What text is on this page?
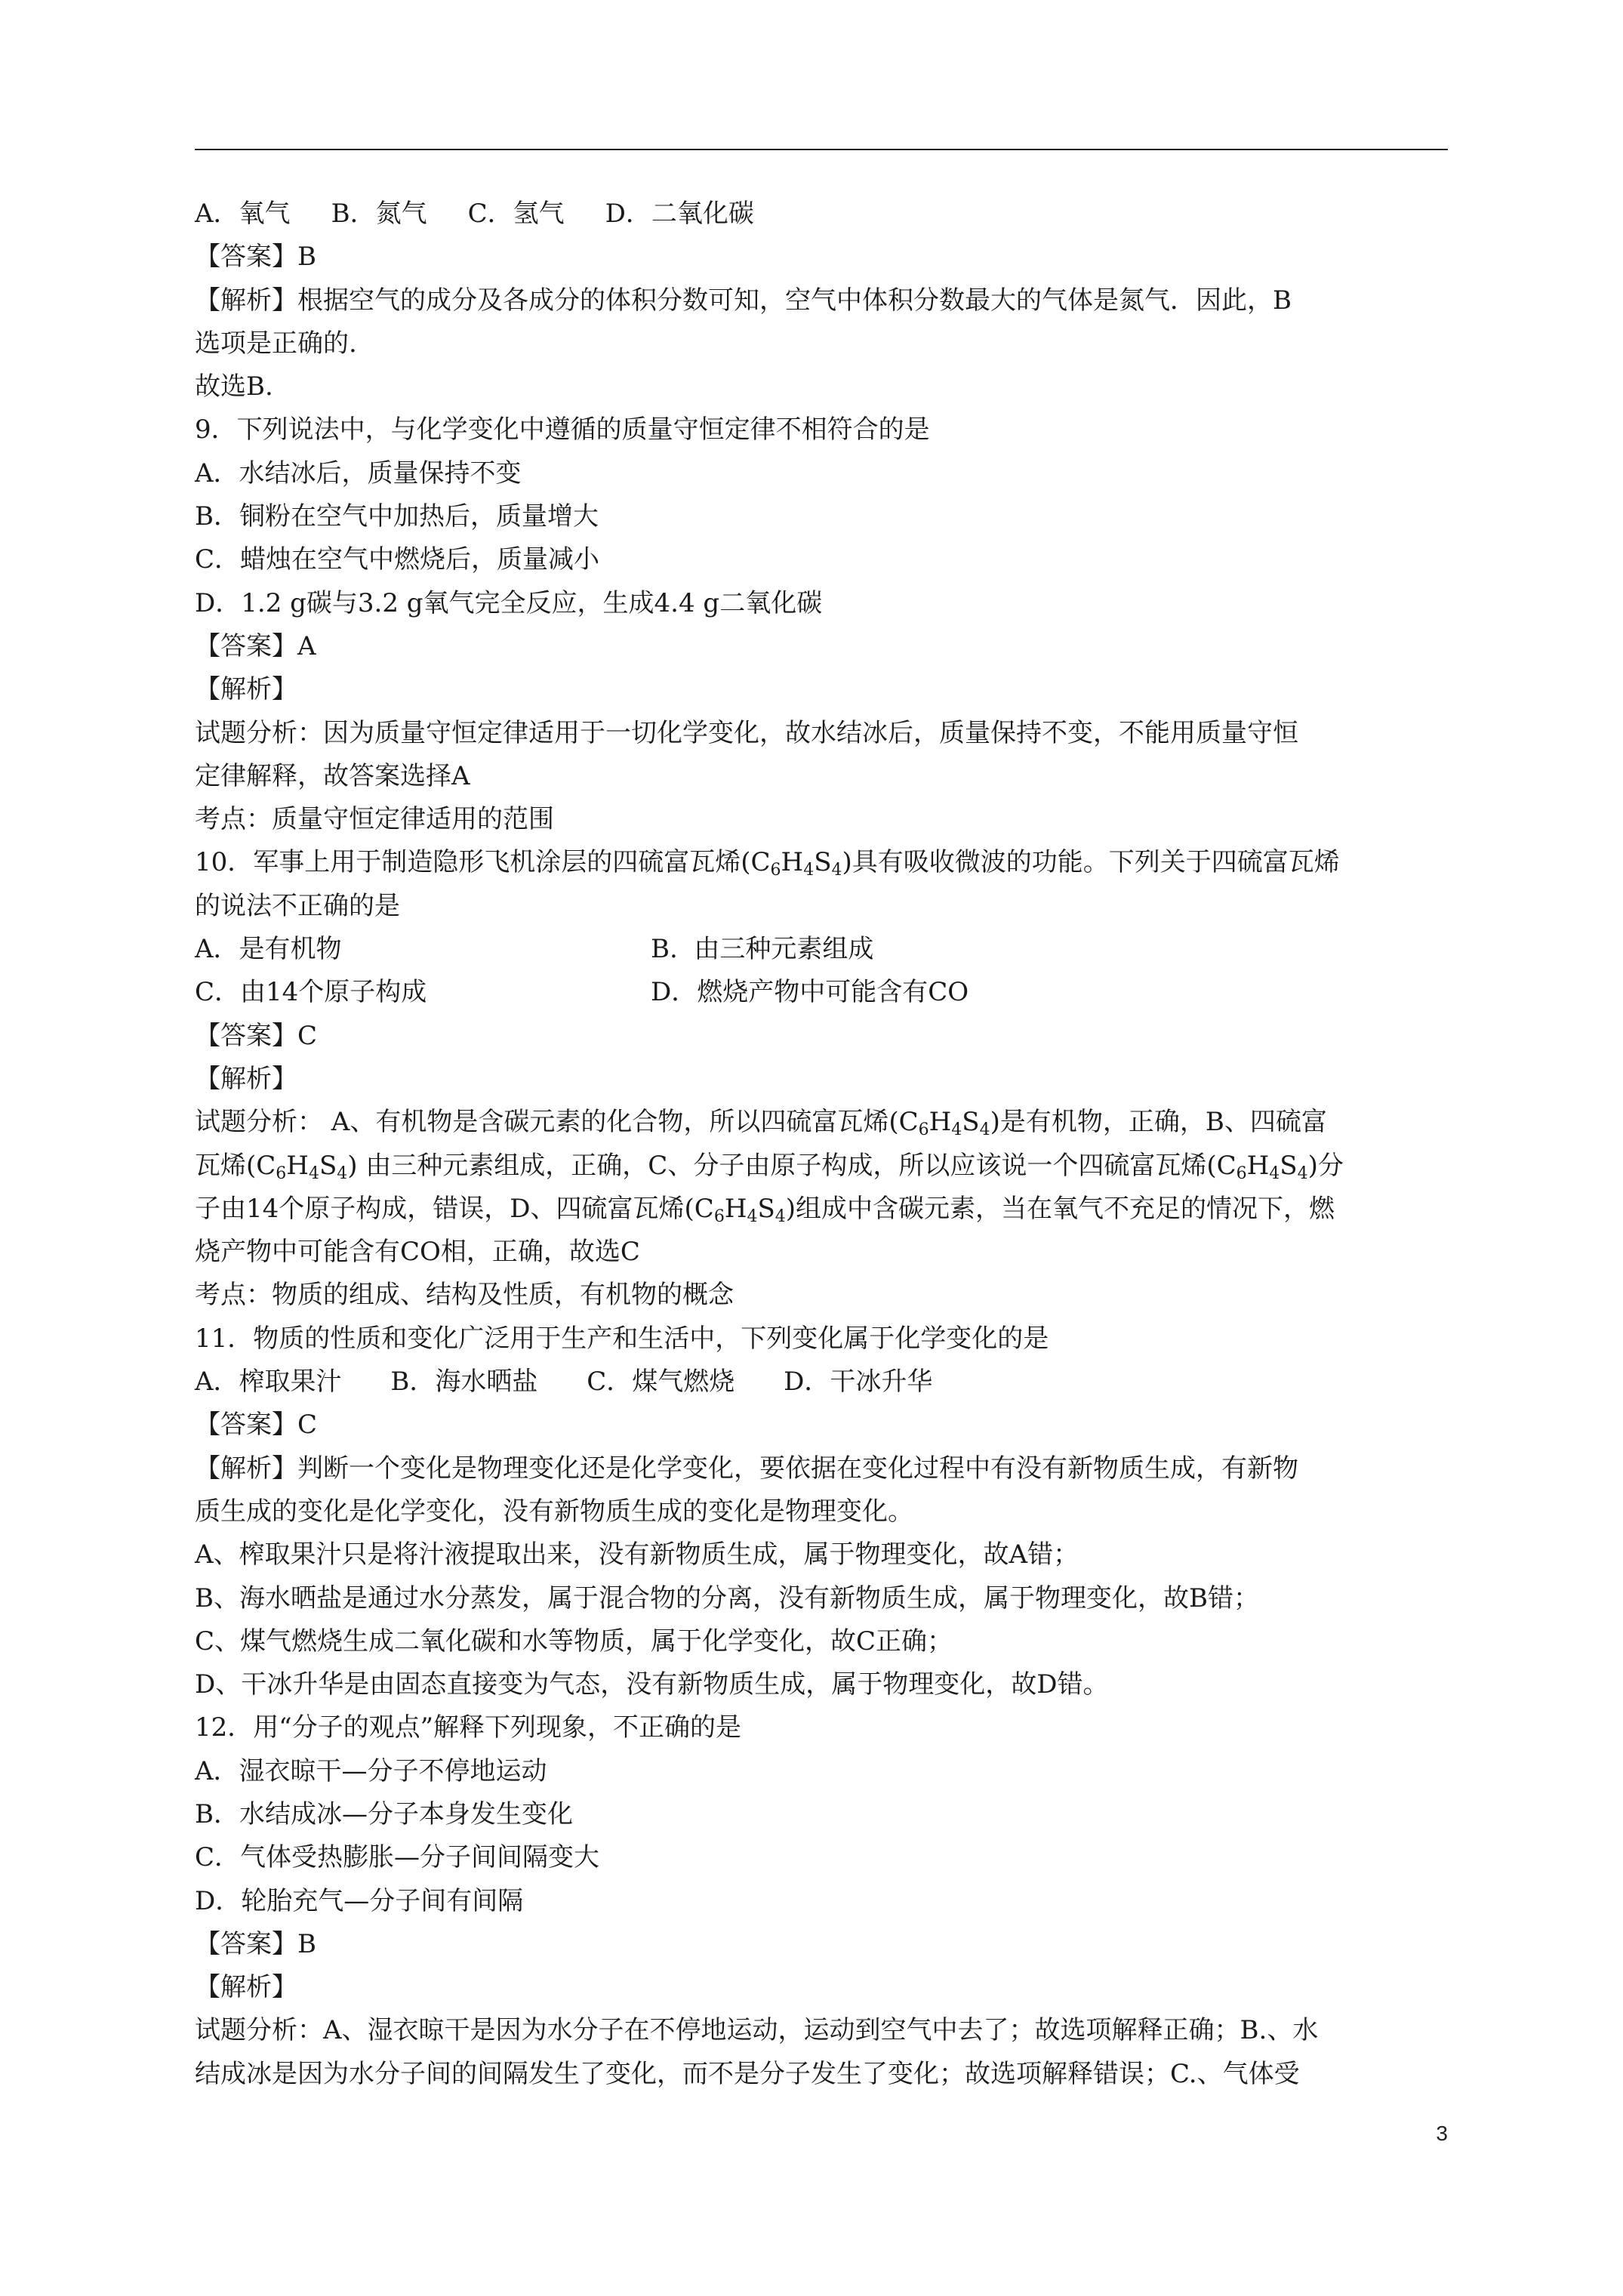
A．氧气     B．氮气     C．氢气     D．二氧化碳
【答案】B
【解析】根据空气的成分及各成分的体积分数可知，空气中体积分数最大的气体是氮气．因此，B
选项是正确的.
故选B.
9．下列说法中，与化学变化中遵循的质量守恒定律不相符合的是
A．水结冰后，质量保持不变
B．铜粉在空气中加热后，质量增大
C．蜡烛在空气中燃烧后，质量减小
D．1.2 g碳与3.2 g氧气完全反应，生成4.4 g二氧化碳
【答案】A
【解析】
试题分析：因为质量守恒定律适用于一切化学变化，故水结冰后，质量保持不变，不能用质量守恒
定律解释，故答案选择A
考点：质量守恒定律适用的范围
10．军事上用于制造隐形飞机涂层的四硫富瓦烯$(C_6H_4S_4)$具有吸收微波的功能。下列关于四硫富瓦烯
的说法不正确的是
A．是有机物	B.  由三种元素组成
C．由14个原子构成	D．燃烧产物中可能含有CO
【答案】C
【解析】
试题分析： A、有机物是含碳元素的化合物，所以四硫富瓦烯$(C_6H_4S_4)$是有机物，正确，B、四硫富
瓦烯$(C_6H_4S_4)$ 由三种元素组成，正确，C、分子由原子构成，所以应该说一个四硫富瓦烯$(C_6H_4S_4)$分
子由14个原子构成，错误，D、四硫富瓦烯$(C_6H_4S_4)$组成中含碳元素，当在氧气不充足的情况下，燃
烧产物中可能含有CO相，正确，故选C
考点：物质的组成、结构及性质，有机物的概念
11．物质的性质和变化广泛用于生产和生活中，下列变化属于化学变化的是
A．榨取果汁      B．海水晒盐      C．煤气燃烧      D．干冰升华
【答案】C
【解析】判断一个变化是物理变化还是化学变化，要依据在变化过程中有没有新物质生成，有新物
质生成的变化是化学变化，没有新物质生成的变化是物理变化。
A、榨取果汁只是将汁液提取出来，没有新物质生成，属于物理变化，故A错；
B、海水晒盐是通过水分蒸发，属于混合物的分离，没有新物质生成，属于物理变化，故B错；
C、煤气燃烧生成二氧化碳和水等物质，属于化学变化，故C正确；
D、干冰升华是由固态直接变为气态，没有新物质生成，属于物理变化，故D错。
12．用“分子的观点”解释下列现象，不正确的是
A．湿衣晾干—分子不停地运动
B．水结成冰—分子本身发生变化
C．气体受热膨胀—分子间间隔变大
D．轮胎充气—分子间有间隔
【答案】B
【解析】
试题分析：A、湿衣晾干是因为水分子在不停地运动，运动到空气中去了；故选项解释正确；B.、水
结成冰是因为水分子间的间隔发生了变化，而不是分子发生了变化；故选项解释错误；C.、气体受
3
